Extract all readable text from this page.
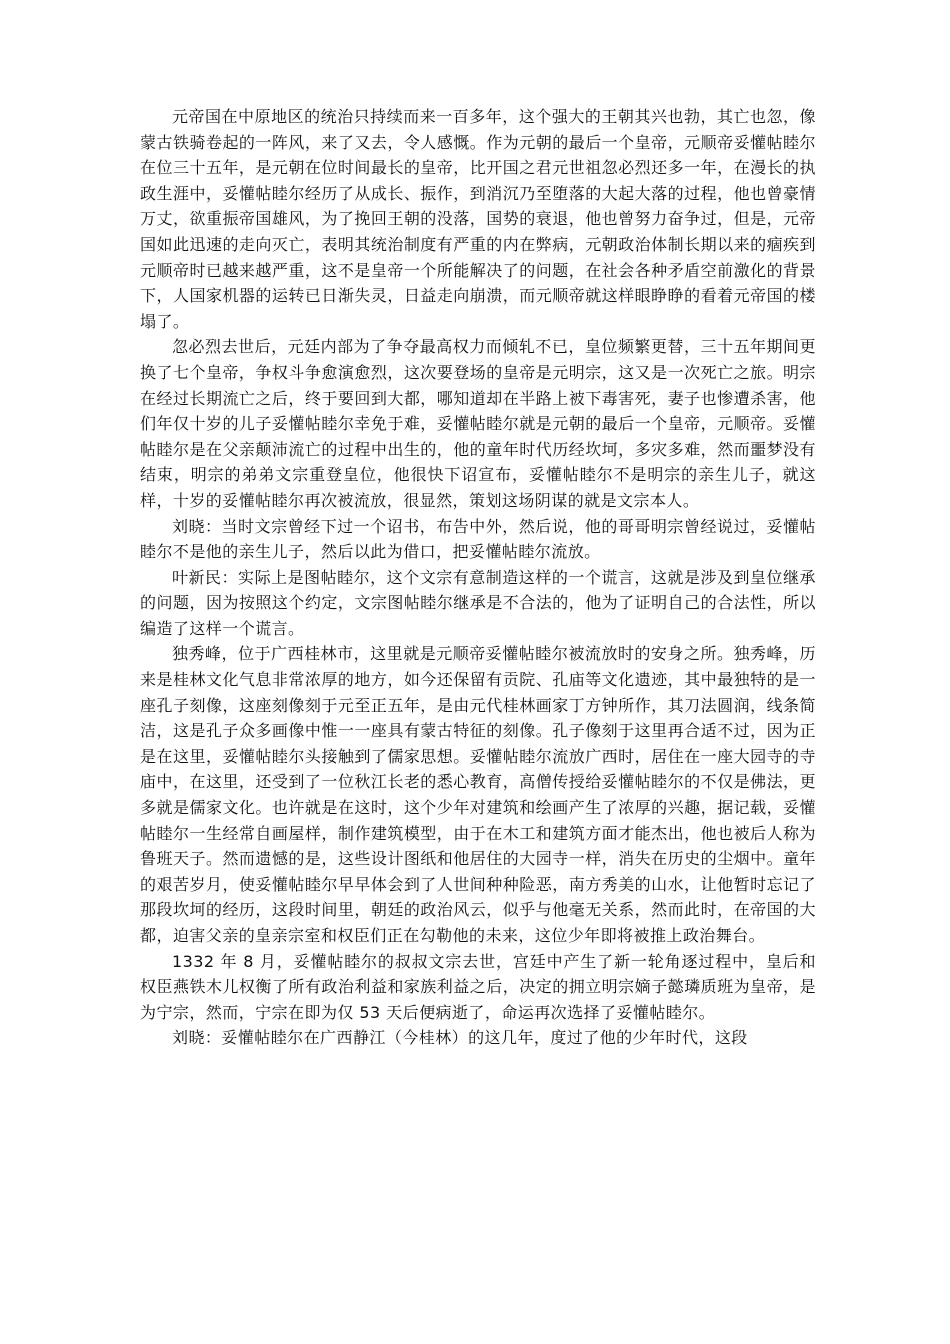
元帝国在中原地区的统治只持续而来一百多年，这个强大的王朝其兴也勃，其亡也忽，像蒙古铁骑卷起的一阵风，来了又去，令人感慨。作为元朝的最后一个皇帝，元顺帝妥懽帖睦尔在位三十五年，是元朝在位时间最长的皇帝，比开国之君元世祖忽必烈还多一年，在漫长的执政生涯中，妥懽帖睦尔经历了从成长、振作，到消沉乃至堕落的大起大落的过程，他也曾豪情万丈，欲重振帝国雄风，为了挽回王朝的没落，国势的衰退，他也曾努力奋争过，但是，元帝国如此迅速的走向灭亡，表明其统治制度有严重的内在弊病，元朝政治体制长期以来的痼疾到元顺帝时已越来越严重，这不是皇帝一个所能解决了的问题，在社会各种矛盾空前激化的背景下，人国家机器的运转已日渐失灵，日益走向崩溃，而元顺帝就这样眼睁睁的看着元帝国的楼塌了。

忽必烈去世后，元廷内部为了争夺最高权力而倾轧不已，皇位频繁更替，三十五年期间更换了七个皇帝，争权斗争愈演愈烈，这次要登场的皇帝是元明宗，这又是一次死亡之旅。明宗在经过长期流亡之后，终于要回到大都，哪知道却在半路上被下毒害死，妻子也惨遭杀害，他们年仅十岁的儿子妥懽帖睦尔幸免于难，妥懽帖睦尔就是元朝的最后一个皇帝，元顺帝。妥懽帖睦尔是在父亲颠沛流亡的过程中出生的，他的童年时代历经坎坷，多灾多难，然而噩梦没有结束，明宗的弟弟文宗重登皇位，他很快下诏宣布，妥懽帖睦尔不是明宗的亲生儿子，就这样，十岁的妥懽帖睦尔再次被流放，很显然，策划这场阴谋的就是文宗本人。

刘晓：当时文宗曾经下过一个诏书，布告中外，然后说，他的哥哥明宗曾经说过，妥懽帖睦尔不是他的亲生儿子，然后以此为借口，把妥懽帖睦尔流放。

叶新民：实际上是图帖睦尔，这个文宗有意制造这样的一个谎言，这就是涉及到皇位继承的问题，因为按照这个约定，文宗图帖睦尔继承是不合法的，他为了证明自己的合法性，所以编造了这样一个谎言。

独秀峰，位于广西桂林市，这里就是元顺帝妥懽帖睦尔被流放时的安身之所。独秀峰，历来是桂林文化气息非常浓厚的地方，如今还保留有贡院、孔庙等文化遗迹，其中最独特的是一座孔子刻像，这座刻像刻于元至正五年，是由元代桂林画家丁方钟所作，其刀法圆润，线条简洁，这是孔子众多画像中惟一一座具有蒙古特征的刻像。孔子像刻于这里再合适不过，因为正是在这里，妥懽帖睦尔头接触到了儒家思想。妥懽帖睦尔流放广西时，居住在一座大园寺的寺庙中，在这里，还受到了一位秋江长老的悉心教育，高僧传授给妥懽帖睦尔的不仅是佛法，更多就是儒家文化。也许就是在这时，这个少年对建筑和绘画产生了浓厚的兴趣，据记载，妥懽帖睦尔一生经常自画屋样，制作建筑模型，由于在木工和建筑方面才能杰出，他也被后人称为鲁班天子。然而遗憾的是，这些设计图纸和他居住的大园寺一样，消失在历史的尘烟中。童年的艰苦岁月，使妥懽帖睦尔早早体会到了人世间种种险恶，南方秀美的山水，让他暂时忘记了那段坎坷的经历，这段时间里，朝廷的政治风云，似乎与他毫无关系，然而此时，在帝国的大都，迫害父亲的皇亲宗室和权臣们正在勾勒他的未来，这位少年即将被推上政治舞台。

1332 年 8 月，妥懽帖睦尔的叔叔文宗去世，宫廷中产生了新一轮角逐过程中，皇后和权臣燕铁木儿权衡了所有政治利益和家族利益之后，决定的拥立明宗嫡子懿璘质班为皇帝，是为宁宗，然而，宁宗在即为仅 53 天后便病逝了，命运再次选择了妥懽帖睦尔。

刘晓：妥懽帖睦尔在广西静江（今桂林）的这几年，度过了他的少年时代，这段
